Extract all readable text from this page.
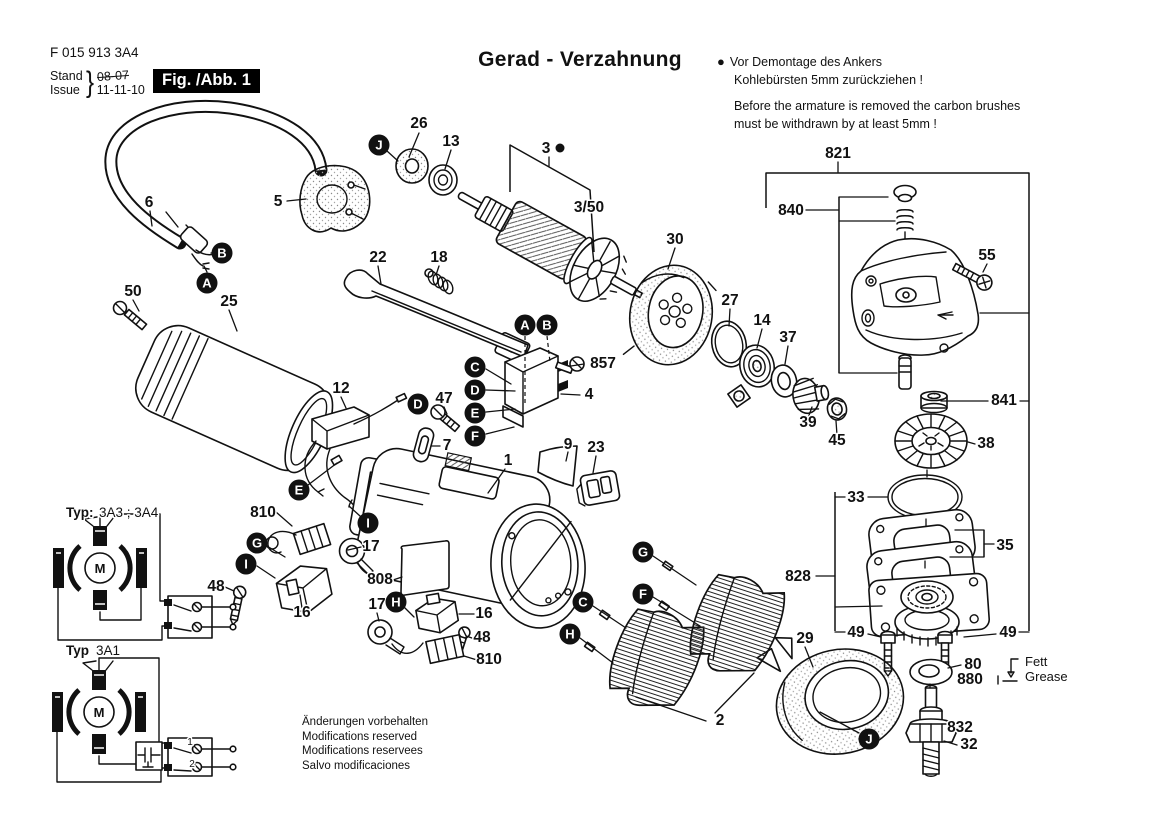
F 015 913 3A4
Stand
Issue } 08-07
11-11-10
Fig. /Abb. 1
Gerad - Verzahnung	● Vor Demontage des Ankers
Kohlebürsten 5mm zurückziehen !
Before the armature is removed the carbon brushes
must be withdrawn by at least 5mm !
26
13	3
3/50
22	18
5
6
50
25
12
47
7
857
4
1
9 23
30
27
14
37
39
45
821
840
55
841
38
33
35
828
49	49
80
880
832
32
29
810
17
16
48	808
17
16
48
810
2
Fett
Grease
Typ: 3A3 ; 3A4
Typ 3A1
M
M
1
2
J
B
A
A B
C
D
E
F
D
E
I
G
I
H
G
F
C
H
J
Änderungen vorbehalten
Modifications reserved
Modifications reservees
Salvo modificaciones
